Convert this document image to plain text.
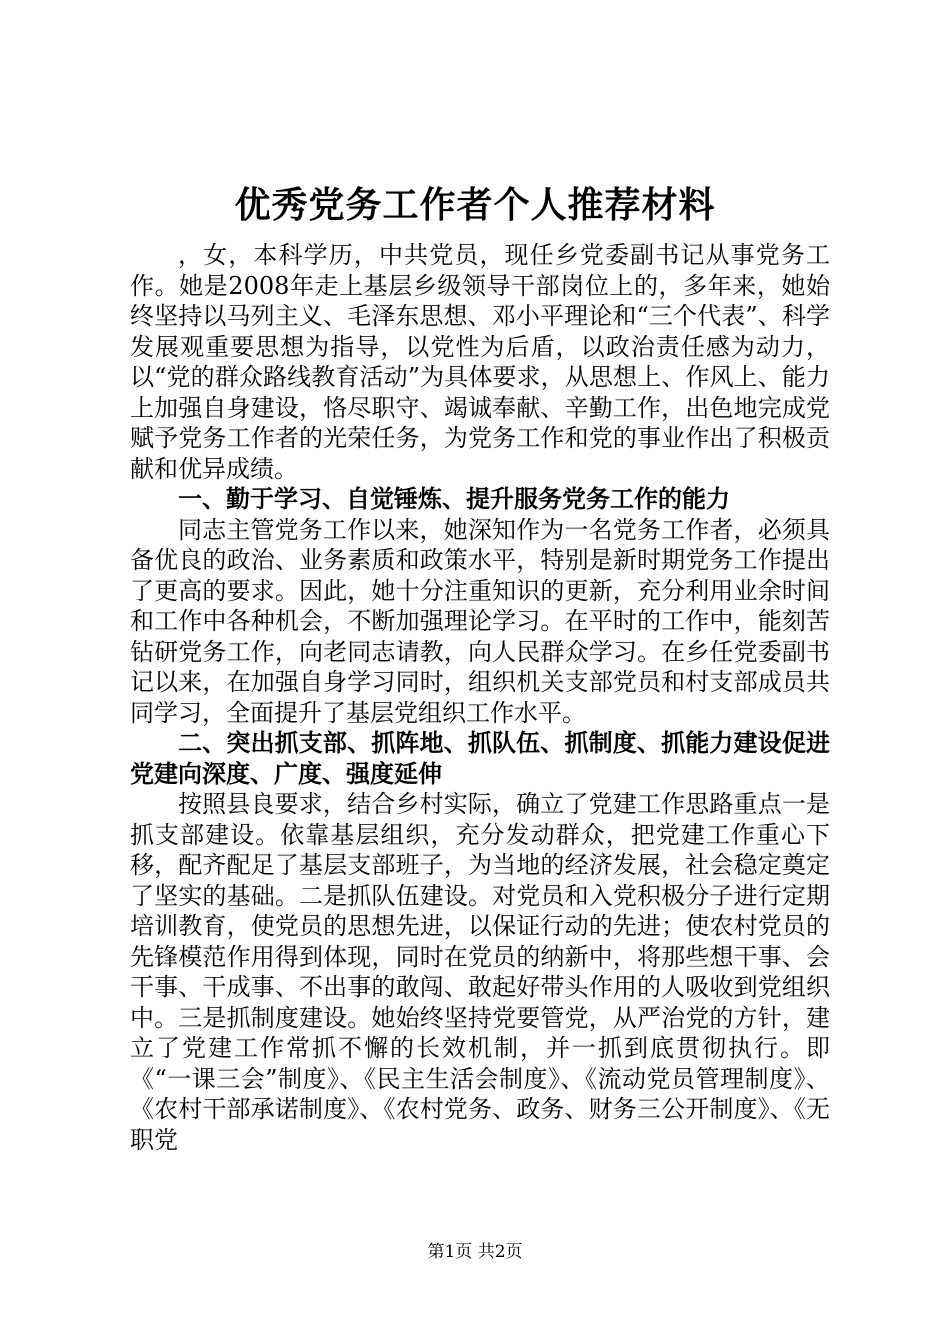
优秀党务工作者个人推荐材料

，女，本科学历，中共党员，现任乡党委副书记从事党务工作。她是2008年走上基层乡级领导干部岗位上的，多年来，她始终坚持以马列主义、毛泽东思想、邓小平理论和“三个代表”、科学发展观重要思想为指导，以党性为后盾，以政治责任感为动力，以“党的群众路线教育活动”为具体要求，从思想上、作风上、能力上加强自身建设，恪尽职守、竭诚奉献、辛勤工作，出色地完成党赋予党务工作者的光荣任务，为党务工作和党的事业作出了积极贡献和优异成绩。

一、勤于学习、自觉锤炼、提升服务党务工作的能力

同志主管党务工作以来，她深知作为一名党务工作者，必须具备优良的政治、业务素质和政策水平，特别是新时期党务工作提出了更高的要求。因此，她十分注重知识的更新，充分利用业余时间和工作中各种机会，不断加强理论学习。在平时的工作中，能刻苦钻研党务工作，向老同志请教，向人民群众学习。在乡任党委副书记以来，在加强自身学习同时，组织机关支部党员和村支部成员共同学习，全面提升了基层党组织工作水平。

二、突出抓支部、抓阵地、抓队伍、抓制度、抓能力建设促进党建向深度、广度、强度延伸

按照县良要求，结合乡村实际，确立了党建工作思路重点一是抓支部建设。依靠基层组织，充分发动群众，把党建工作重心下移，配齐配足了基层支部班子，为当地的经济发展，社会稳定奠定了坚实的基础。二是抓队伍建设。对党员和入党积极分子进行定期培训教育，使党员的思想先进，以保证行动的先进；使农村党员的先锋模范作用得到体现，同时在党员的纳新中，将那些想干事、会干事、干成事、不出事的敢闯、敢起好带头作用的人吸收到党组织中。三是抓制度建设。她始终坚持党要管党，从严治党的方针，建立了党建工作常抓不懈的长效机制，并一抓到底贯彻执行。即《“一课三会”制度》、《民主生活会制度》、《流动党员管理制度》、《农村干部承诺制度》、《农村党务、政务、财务三公开制度》、《无职党

第1页 共2页
